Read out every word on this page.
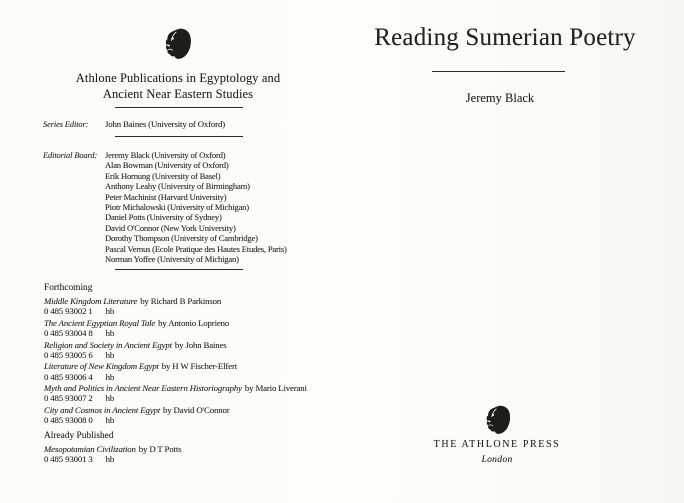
Athlone Publications in Egyptology and
Ancient Near Eastern Studies
Series Editor: John Baines (University of Oxford)
Editorial Board: Jeremy Black (University of Oxford)
Alan Bowman (University of Oxford)
Erik Hornung (University of Basel)
Anthony Leahy (University of Birmingham)
Peter Machinist (Harvard University)
Piotr Michalowski (University of Michigan)
Daniel Potts (University of Sydney)
David O'Connor (New York University)
Dorothy Thompson (University of Cambridge)
Pascal Vernus (Ecole Pratique des Hautes Etudes, Paris)
Norman Yoffee (University of Michigan)
Forthcoming
Middle Kingdom Literature by Richard B Parkinson
0 485 93002 1 hb
The Ancient Egyptian Royal Tale by Antonio Loprieno
0 485 93004 8 hb
Religion and Society in Ancient Egypt by John Baines
0 485 93005 6 hb
Literature of New Kingdom Egypt by H W Fischer-Elfert
0 485 93006 4 hb
Myth and Politics in Ancient Near Eastern Historiography by Mario Liverani
0 485 93007 2 hb
City and Cosmos in Ancient Egypt by David O'Connor
0 485 93008 0 hb
Already Published
Mesopotamian Civilization by D T Potts
0 485 93001 3 hb
Reading Sumerian Poetry
Jeremy Black
THE ATHLONE PRESS
London
